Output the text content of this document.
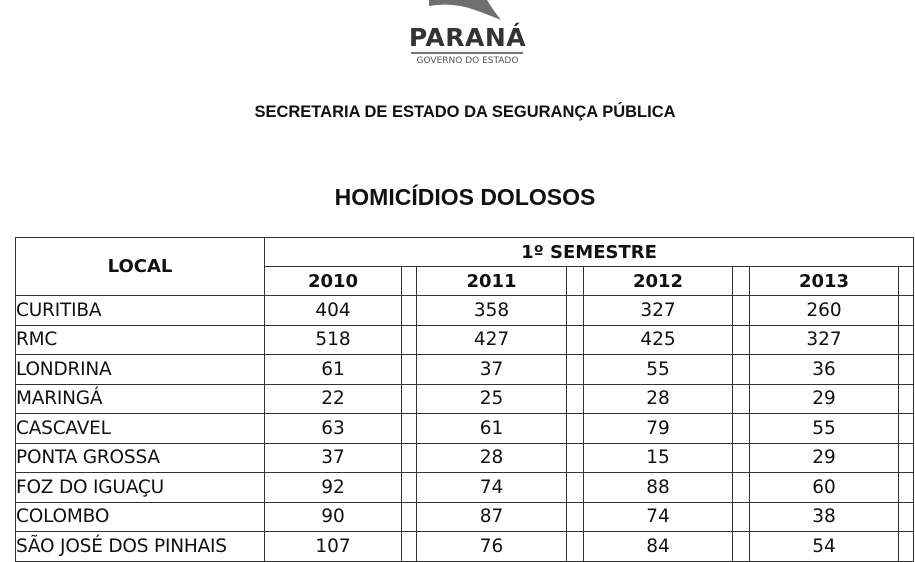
PARANÁ
GOVERNO DO ESTADO
SECRETARIA DE ESTADO DA SEGURANÇA PÚBLICA
HOMICÍDIOS DOLOSOS
LOCAL	1º SEMESTRE							
	2010		2011		2012		2013	
CURITIBA	404		358		327		260	
RMC	518		427		425		327	
LONDRINA	61		37		55		36	
MARINGÁ	22		25		28		29	
CASCAVEL	63		61		79		55	
PONTA GROSSA	37		28		15		29	
FOZ DO IGUAÇU	92		74		88		60	
COLOMBO	90		87		74		38	
SÃO JOSÉ DOS PINHAIS	107		76		84		54	
